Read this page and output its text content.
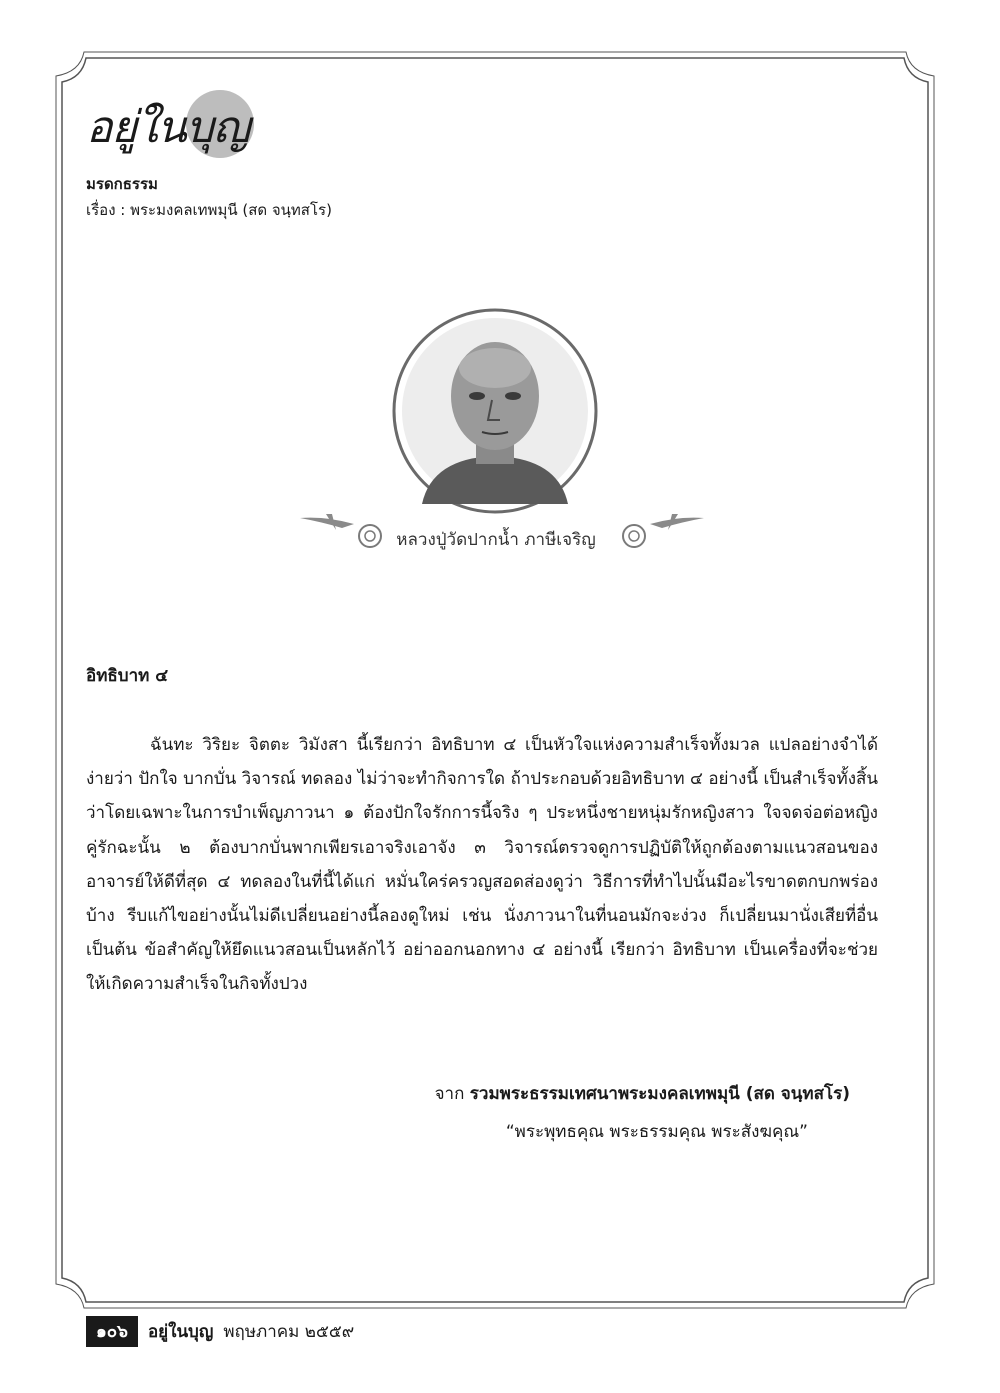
อยู่ในบุญ
มรดกธรรม
เรื่อง : พระมงคลเทพมุนี (สด จนฺทสโร)
หลวงปู่วัดปากน้ำ ภาษีเจริญ
อิทธิบาท ๔

ฉันทะ วิริยะ จิตตะ วิมังสา นี้เรียกว่า อิทธิบาท ๔ เป็นหัวใจแห่งความสำเร็จทั้งมวล แปลอย่างจำได้ง่ายว่า ปักใจ บากบั่น วิจารณ์ ทดลอง ไม่ว่าจะทำกิจการใด ถ้าประกอบด้วยอิทธิบาท ๔ อย่างนี้ เป็นสำเร็จทั้งสิ้น ว่าโดยเฉพาะในการบำเพ็ญภาวนา ๑ ต้องปักใจรักการนี้จริง ๆ ประหนึ่งชายหนุ่มรักหญิงสาว ใจจดจ่อต่อหญิงคู่รักฉะนั้น ๒ ต้องบากบั่นพากเพียรเอาจริงเอาจัง ๓ วิจารณ์ตรวจดูการปฏิบัติให้ถูกต้องตามแนวสอนของอาจารย์ให้ดีที่สุด ๔ ทดลองในที่นี้ได้แก่ หมั่นใคร่ครวญสอดส่องดูว่า วิธีการที่ทำไปนั้นมีอะไรขาดตกบกพร่องบ้าง รีบแก้ไขอย่างนั้นไม่ดีเปลี่ยนอย่างนี้ลองดูใหม่ เช่น นั่งภาวนาในที่นอนมักจะง่วง ก็เปลี่ยนมานั่งเสียที่อื่นเป็นต้น ข้อสำคัญให้ยึดแนวสอนเป็นหลักไว้ อย่าออกนอกทาง ๔ อย่างนี้ เรียกว่า อิทธิบาท เป็นเครื่องที่จะช่วยให้เกิดความสำเร็จในกิจทั้งปวง

จาก รวมพระธรรมเทศนาพระมงคลเทพมุนี (สด จนฺทสโร)
“พระพุทธคุณ พระธรรมคุณ พระสังฆคุณ”
๑๐๖	อยู่ในบุญ พฤษภาคม ๒๕๕๙
